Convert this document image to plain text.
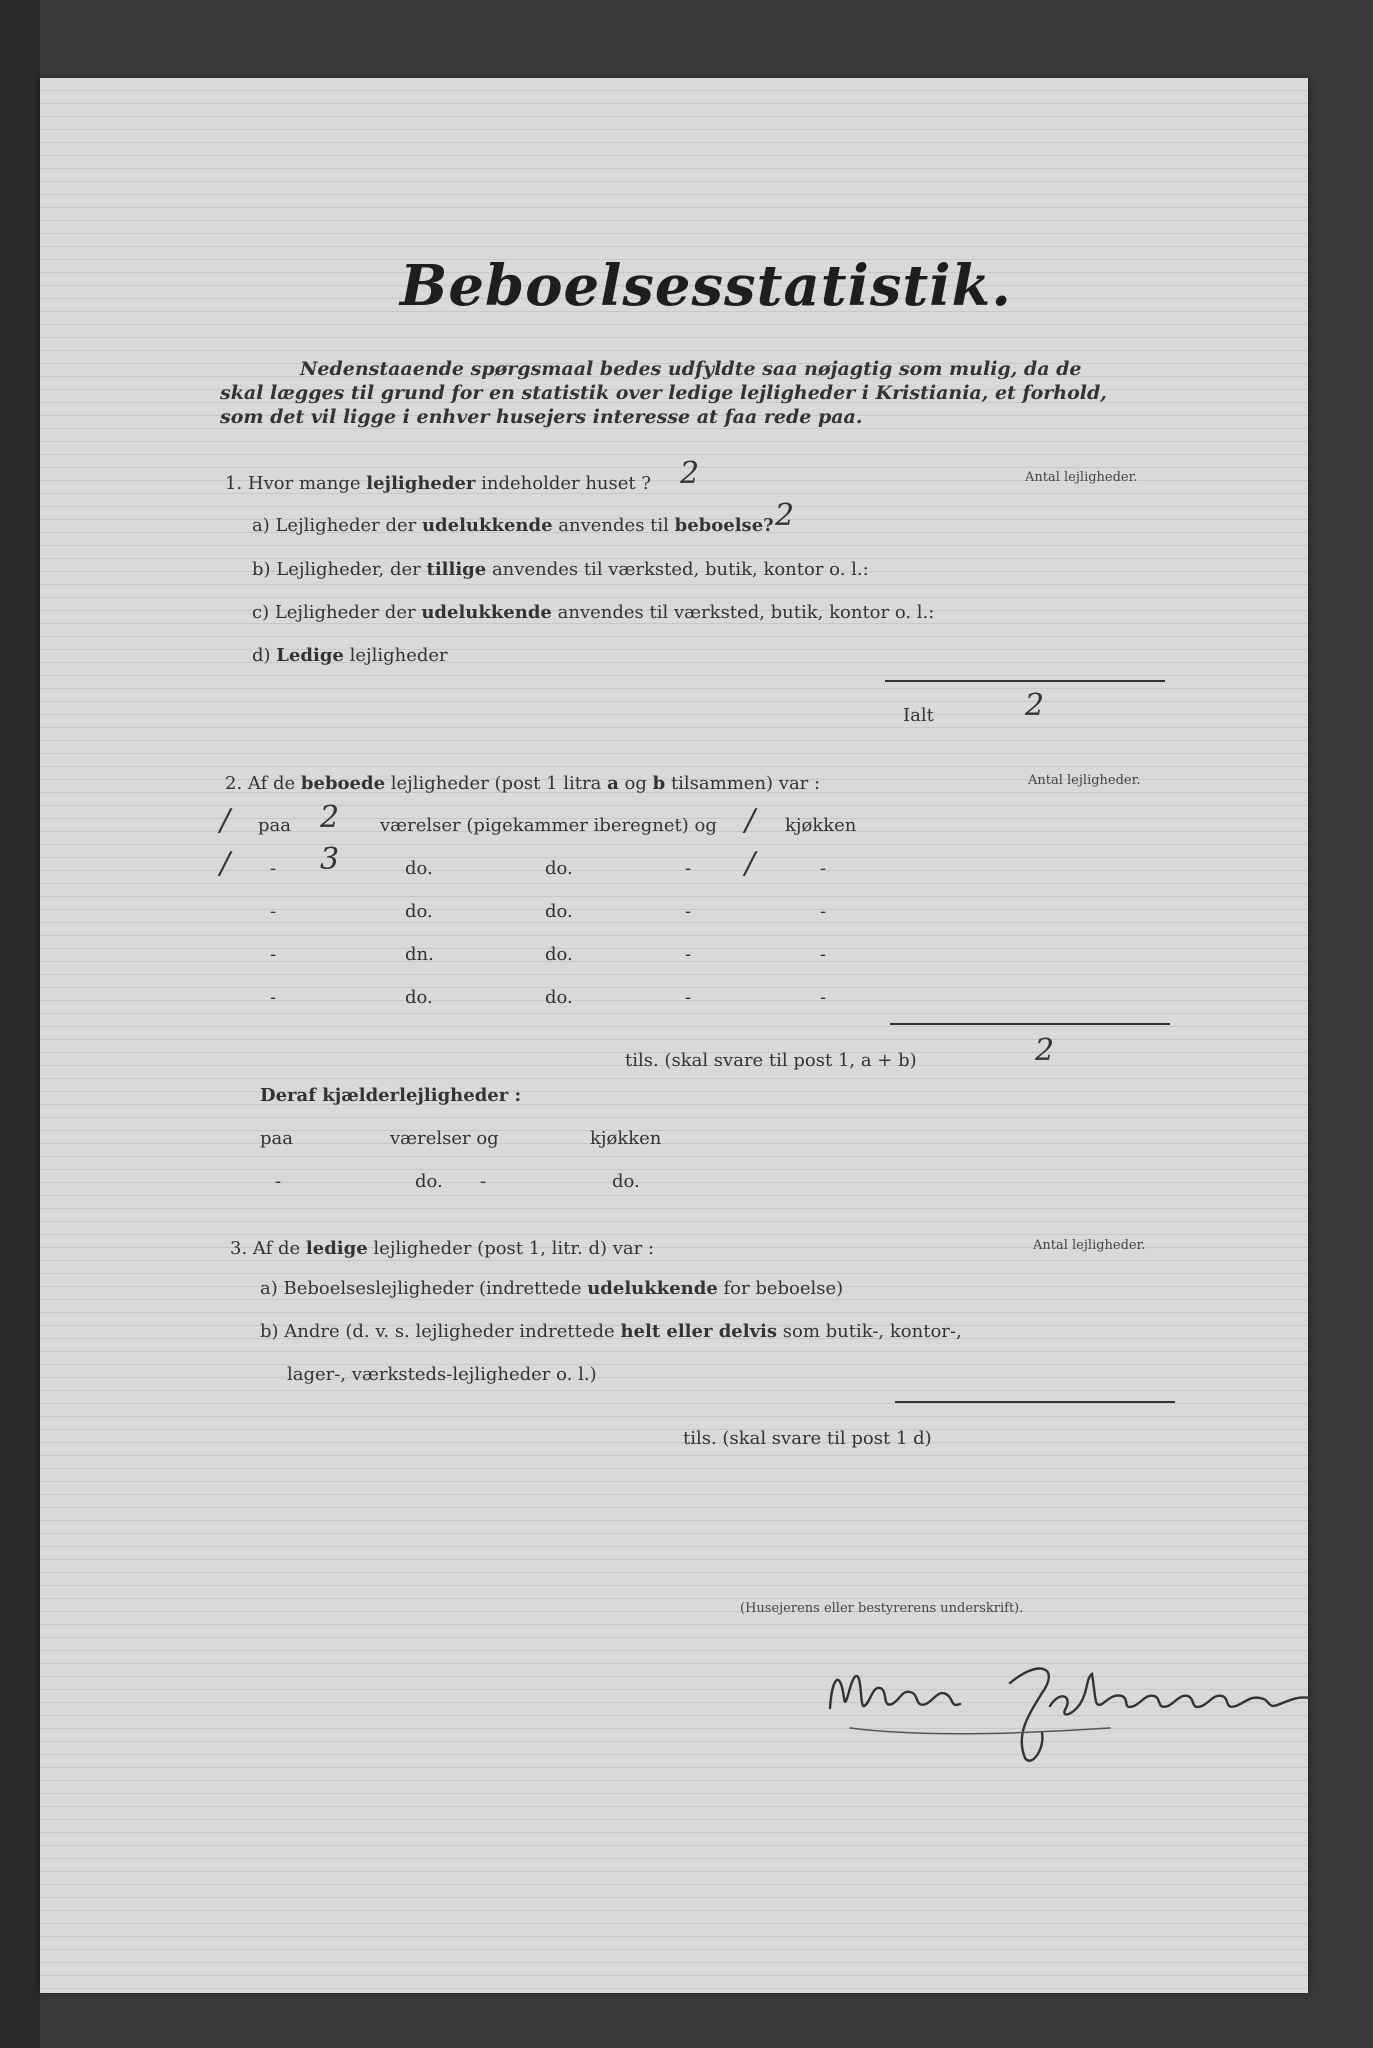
Beboelsesstatistik.
Nedenstaaende spørgsmaal bedes udfyldte saa nøjagtig som mulig, da de
skal lægges til grund for en statistik over ledige lejligheder i Kristiania, et forhold,
som det vil ligge i enhver husejers interesse at faa rede paa.
1. Hvor mange lejligheder indeholder huset ? 2	Antal lejligheder.
a) Lejligheder der udelukkende anvendes til beboelse? 2
b) Lejligheder, der tillige anvendes til værksted, butik, kontor o. l.:
c) Lejligheder der udelukkende anvendes til værksted, butik, kontor o. l.:
d) Ledige lejligheder
Ialt	2
2. Af de beboede lejligheder (post 1 litra a og b tilsammen) var :	Antal lejligheder.
/ paa 2 værelser (pigekammer iberegnet) og / kjøkken
/ - 3	do.	do.	- /	-
-	do.	do.	-	-
-	dn.	do.	-	-
-	do.	do.	-	-
tils. (skal svare til post 1, a + b)	2
Deraf kjælderlejligheder :
paa	værelser og	kjøkken
-	do. -	do.
3. Af de ledige lejligheder (post 1, litr. d) var :	Antal lejligheder.
a) Beboelseslejligheder (indrettede udelukkende for beboelse)
b) Andre (d. v. s. lejligheder indrettede helt eller delvis som butik-, kontor-,
lager-, værksteds-lejligheder o. l.)
tils. (skal svare til post 1 d)
(Husejerens eller bestyrerens underskrift).
